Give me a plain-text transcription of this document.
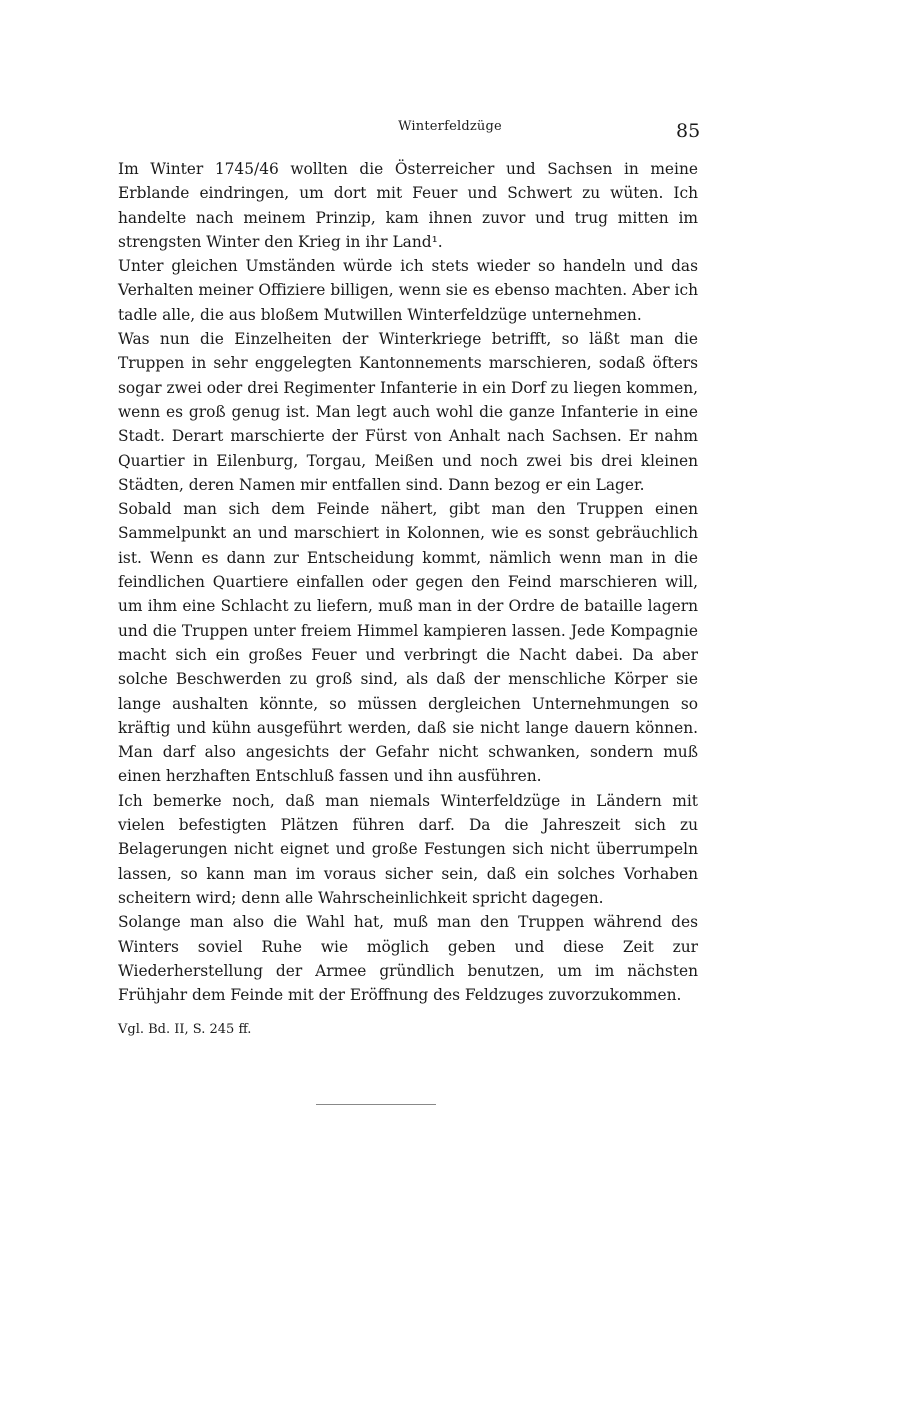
Winterfeldzüge	85

Im Winter 1745/46 wollten die Österreicher und Sachsen in meine Erblande eindringen, um dort mit Feuer und Schwert zu wüten. Ich handelte nach meinem Prinzip, kam ihnen zuvor und trug mitten im strengsten Winter den Krieg in ihr Land¹.

Unter gleichen Umständen würde ich stets wieder so handeln und das Verhalten meiner Offiziere billigen, wenn sie es ebenso machten. Aber ich tadle alle, die aus bloßem Mutwillen Winterfeldzüge unternehmen.

Was nun die Einzelheiten der Winterkriege betrifft, so läßt man die Truppen in sehr enggelegten Kantonnements marschieren, sodaß öfters sogar zwei oder drei Regimenter Infanterie in ein Dorf zu liegen kommen, wenn es groß genug ist. Man legt auch wohl die ganze Infanterie in eine Stadt. Derart marschierte der Fürst von Anhalt nach Sachsen. Er nahm Quartier in Eilenburg, Torgau, Meißen und noch zwei bis drei kleinen Städten, deren Namen mir entfallen sind. Dann bezog er ein Lager.

Sobald man sich dem Feinde nähert, gibt man den Truppen einen Sammelpunkt an und marschiert in Kolonnen, wie es sonst gebräuchlich ist. Wenn es dann zur Entscheidung kommt, nämlich wenn man in die feindlichen Quartiere einfallen oder gegen den Feind marschieren will, um ihm eine Schlacht zu liefern, muß man in der Ordre de bataille lagern und die Truppen unter freiem Himmel kampieren lassen. Jede Kompagnie macht sich ein großes Feuer und verbringt die Nacht dabei. Da aber solche Beschwerden zu groß sind, als daß der menschliche Körper sie lange aushalten könnte, so müssen dergleichen Unternehmungen so kräftig und kühn ausgeführt werden, daß sie nicht lange dauern können. Man darf also angesichts der Gefahr nicht schwanken, sondern muß einen herzhaften Entschluß fassen und ihn ausführen.

Ich bemerke noch, daß man niemals Winterfeldzüge in Ländern mit vielen befestigten Plätzen führen darf. Da die Jahreszeit sich zu Belagerungen nicht eignet und große Festungen sich nicht überrumpeln lassen, so kann man im voraus sicher sein, daß ein solches Vorhaben scheitern wird; denn alle Wahrscheinlichkeit spricht dagegen.

Solange man also die Wahl hat, muß man den Truppen während des Winters soviel Ruhe wie möglich geben und diese Zeit zur Wiederherstellung der Armee gründlich benutzen, um im nächsten Frühjahr dem Feinde mit der Eröffnung des Feldzuges zuvorzukommen.

Vgl. Bd. II, S. 245 ff.
